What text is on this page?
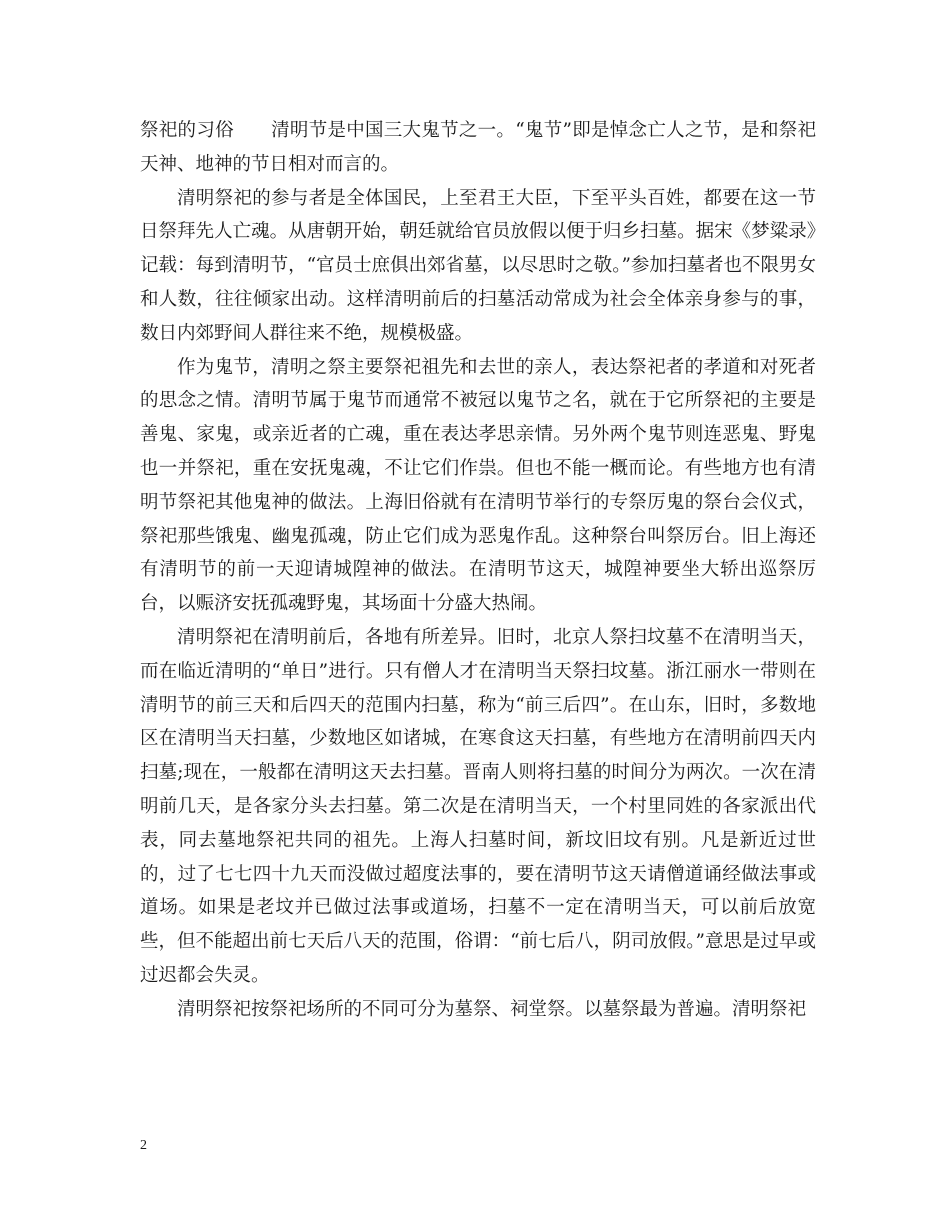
祭祀的习俗 清明节是中国三大鬼节之一。“鬼节”即是悼念亡人之节，是和祭祀天神、地神的节日相对而言的。

清明祭祀的参与者是全体国民，上至君王大臣，下至平头百姓，都要在这一节日祭拜先人亡魂。从唐朝开始，朝廷就给官员放假以便于归乡扫墓。据宋《梦粱录》记载：每到清明节，“官员士庶俱出郊省墓，以尽思时之敬。”参加扫墓者也不限男女和人数，往往倾家出动。这样清明前后的扫墓活动常成为社会全体亲身参与的事，数日内郊野间人群往来不绝，规模极盛。

作为鬼节，清明之祭主要祭祀祖先和去世的亲人，表达祭祀者的孝道和对死者的思念之情。清明节属于鬼节而通常不被冠以鬼节之名，就在于它所祭祀的主要是善鬼、家鬼，或亲近者的亡魂，重在表达孝思亲情。另外两个鬼节则连恶鬼、野鬼也一并祭祀，重在安抚鬼魂，不让它们作祟。但也不能一概而论。有些地方也有清明节祭祀其他鬼神的做法。上海旧俗就有在清明节举行的专祭厉鬼的祭台会仪式，祭祀那些饿鬼、幽鬼孤魂，防止它们成为恶鬼作乱。这种祭台叫祭厉台。旧上海还有清明节的前一天迎请城隍神的做法。在清明节这天，城隍神要坐大轿出巡祭厉台，以赈济安抚孤魂野鬼，其场面十分盛大热闹。

清明祭祀在清明前后，各地有所差异。旧时，北京人祭扫坟墓不在清明当天，而在临近清明的“单日”进行。只有僧人才在清明当天祭扫坟墓。浙江丽水一带则在清明节的前三天和后四天的范围内扫墓，称为“前三后四”。在山东，旧时，多数地区在清明当天扫墓，少数地区如诸城，在寒食这天扫墓，有些地方在清明前四天内扫墓;现在，一般都在清明这天去扫墓。晋南人则将扫墓的时间分为两次。一次在清明前几天，是各家分头去扫墓。第二次是在清明当天，一个村里同姓的各家派出代表，同去墓地祭祀共同的祖先。上海人扫墓时间，新坟旧坟有别。凡是新近过世的，过了七七四十九天而没做过超度法事的，要在清明节这天请僧道诵经做法事或道场。如果是老坟并已做过法事或道场，扫墓不一定在清明当天，可以前后放宽些，但不能超出前七天后八天的范围，俗谓：“前七后八，阴司放假。”意思是过早或过迟都会失灵。

清明祭祀按祭祀场所的不同可分为墓祭、祠堂祭。以墓祭最为普遍。清明祭祀

2
